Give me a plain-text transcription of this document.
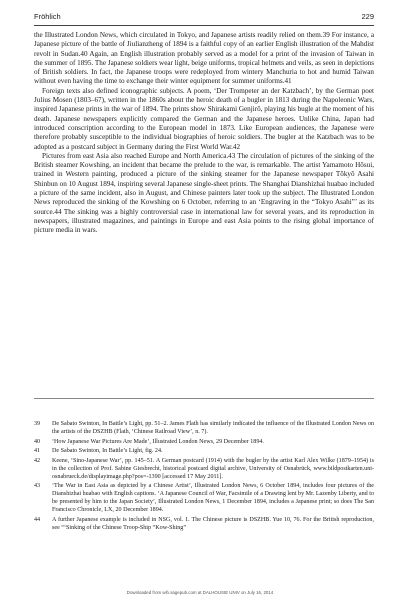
Fröhlich	229

the Illustrated London News, which circulated in Tokyo, and Japanese artists readily relied on them.39 For instance, a Japanese picture of the battle of Jiulianzheng of 1894 is a faithful copy of an earlier English illustration of the Mahdist revolt in Sudan.40 Again, an English illustration probably served as a model for a print of the invasion of Taiwan in the summer of 1895. The Japanese soldiers wear light, beige uniforms, tropical helmets and veils, as seen in depictions of British soldiers. In fact, the Japanese troops were redeployed from wintery Manchuria to hot and humid Taiwan without even having the time to exchange their winter equipment for summer uniforms.41

Foreign texts also defined iconographic subjects. A poem, ‘Der Trompeter an der Katzbach’, by the German poet Julius Mosen (1803–67), written in the 1860s about the heroic death of a bugler in 1813 during the Napoleonic Wars, inspired Japanese prints in the war of 1894. The prints show Shirakami Genjirō, playing his bugle at the moment of his death. Japanese newspapers explicitly compared the German and the Japanese heroes. Unlike China, Japan had introduced conscription according to the European model in 1873. Like European audiences, the Japanese were therefore probably susceptible to the individual biographies of heroic soldiers. The bugler at the Katzbach was to be adopted as a postcard subject in Germany during the First World War.42

Pictures from east Asia also reached Europe and North America.43 The circulation of pictures of the sinking of the British steamer Kowshing, an incident that became the prelude to the war, is remarkable. The artist Yamamoto Hōsui, trained in Western painting, produced a picture of the sinking steamer for the Japanese newspaper Tōkyō Asahi Shinbun on 10 August 1894, inspiring several Japanese single-sheet prints. The Shanghai Dianshizhai huabao included a picture of the same incident, also in August, and Chinese painters later took up the subject. The Illustrated London News reproduced the sinking of the Kowshing on 6 October, referring to an ‘Engraving in the “Tokyo Asahi”’ as its source.44 The sinking was a highly controversial case in international law for several years, and its reproduction in newspapers, illustrated magazines, and paintings in Europe and east Asia points to the rising global importance of picture media in wars.

39	De Sabato Swinton, In Battle’s Light, pp. 51–2. James Flath has similarly indicated the influence of the Illustrated London News on the artists of the DSZHB (Flath, ‘Chinese Railroad View’, n. 7).
40	‘How Japanese War Pictures Are Made’, Illustrated London News, 29 December 1894.
41	De Sabato Swinton, In Battle’s Light, fig. 24.
42	Keene, ‘Sino-Japanese War’, pp. 145–51. A German postcard (1914) with the bugler by the artist Karl Alex Wilke (1879–1954) is in the collection of Prof. Sabine Giesbrecht, historical postcard digital archive, University of Osnabrück, www.bildpostkarten.uni-osnabrueck.de/displayimage.php?pos=-1390 [accessed 17 May 2011].
43	‘The War in East Asia as depicted by a Chinese Artist’, Illustrated London News, 6 October 1894, includes four pictures of the Dianshizhai huabao with English captions. ‘A Japanese Council of War, Facsimile of a Drawing lent by Mr. Lazenby Liberty, and to be presented by him to the Japan Society’, Illustrated London News, 1 December 1894, includes a Japanese print; so does The San Francisco Chronicle, LX, 20 December 1894.
44	A further Japanese example is included in NSG, vol. 1. The Chinese picture is DSZHB. Yue 10, 76. For the British reproduction, see “‘Sinking of the Chinese Troop-Ship “Kow-Shing”
Downloaded from wih.sagepub.com at DALHOUSIE UNIV on July 16, 2014
